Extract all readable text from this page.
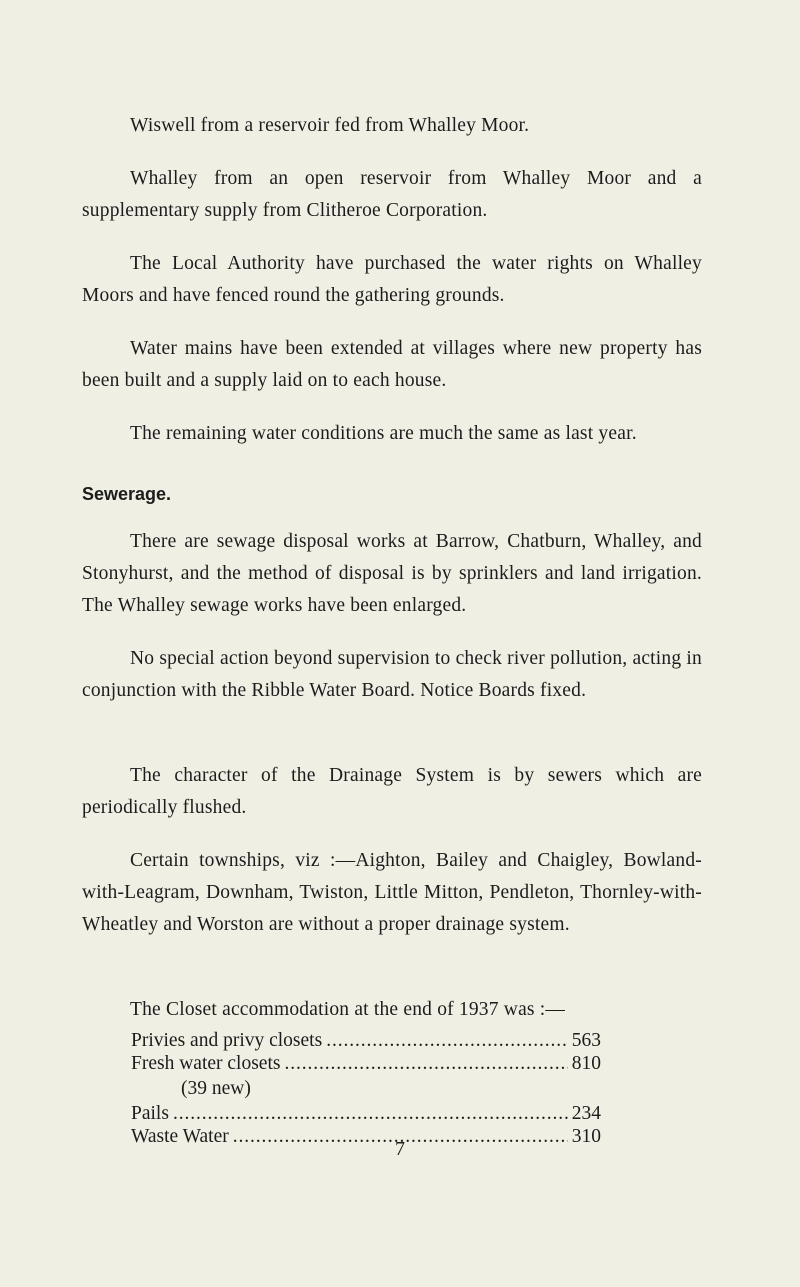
Wiswell from a reservoir fed from Whalley Moor.

Whalley from an open reservoir from Whalley Moor and a supplementary supply from Clitheroe Corporation.

The Local Authority have purchased the water rights on Whalley Moors and have fenced round the gathering grounds.

Water mains have been extended at villages where new property has been built and a supply laid on to each house.

The remaining water conditions are much the same as last year.

Sewerage.

There are sewage disposal works at Barrow, Chatburn, Whalley, and Stonyhurst, and the method of disposal is by sprinklers and land irrigation. The Whalley sewage works have been enlarged.

No special action beyond supervision to check river pollution, acting in conjunction with the Ribble Water Board. Notice Boards fixed.

The character of the Drainage System is by sewers which are periodically flushed.

Certain townships, viz :—Aighton, Bailey and Chaigley, Bowland-with-Leagram, Downham, Twiston, Little Mitton, Pendleton, Thornley-with-Wheatley and Worston are without a proper drainage system.

The Closet accommodation at the end of 1937 was :—

Privies and privy closets . . .	563
Fresh water closets . . .	810
(39 new)
Pails . . .	234
Waste Water . . .	310

7
